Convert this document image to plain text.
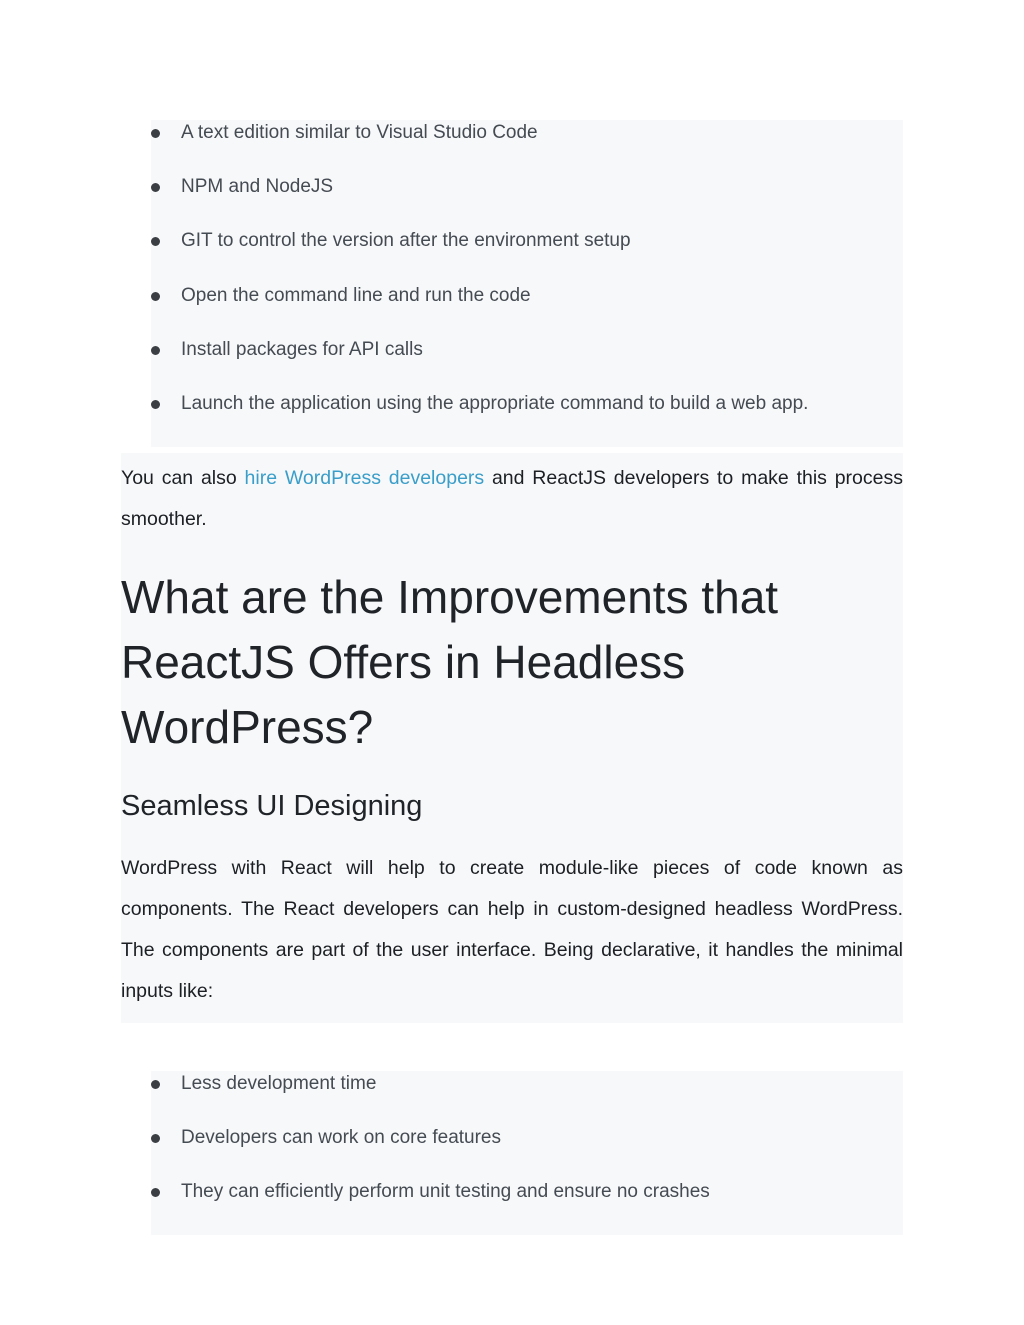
A text edition similar to Visual Studio Code
NPM and NodeJS
GIT to control the version after the environment setup
Open the command line and run the code
Install packages for API calls
Launch the application using the appropriate command to build a web app.

You can also hire WordPress developers and ReactJS developers to make this process smoother.

What are the Improvements that ReactJS Offers in Headless WordPress?
Seamless UI Designing

WordPress with React will help to create module-like pieces of code known as components. The React developers can help in custom-designed headless WordPress. The components are part of the user interface. Being declarative, it handles the minimal inputs like:

Less development time
Developers can work on core features
They can efficiently perform unit testing and ensure no crashes
